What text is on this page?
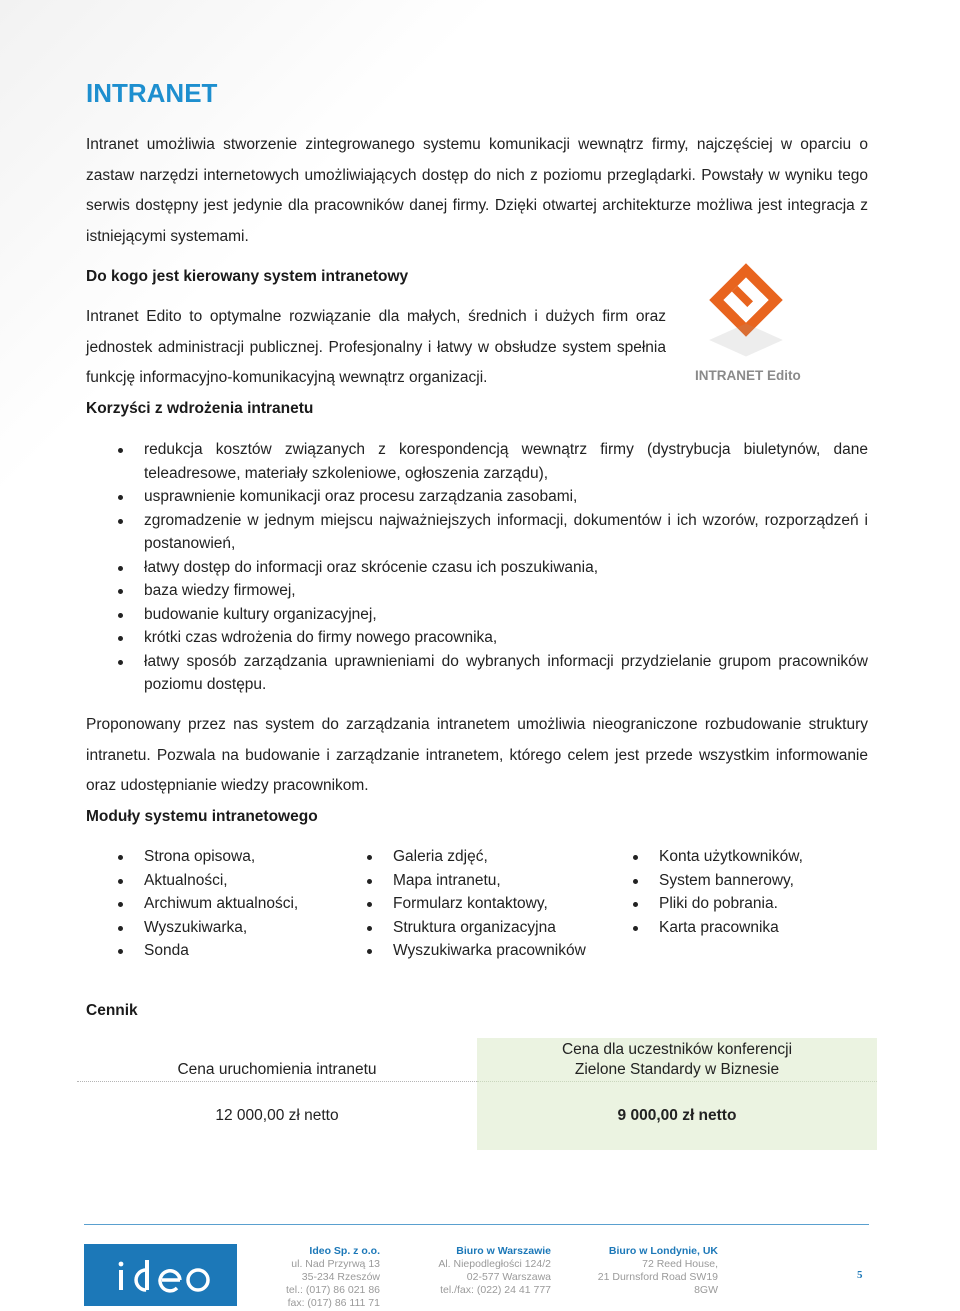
INTRANET
Intranet umożliwia stworzenie zintegrowanego systemu komunikacji wewnątrz firmy, najczęściej w oparciu o zastaw narzędzi internetowych umożliwiających dostęp do nich z poziomu przeglądarki. Powstały w wyniku tego serwis dostępny jest jedynie dla pracowników danej firmy. Dzięki otwartej architekturze możliwa jest integracja z istniejącymi systemami.
Do kogo jest kierowany system intranetowy
Intranet Edito to optymalne rozwiązanie dla małych, średnich i dużych firm oraz jednostek administracji publicznej. Profesjonalny i łatwy w obsłudze system spełnia funkcję informacyjno-komunikacyjną wewnątrz organizacji.	INTRANET Edito
Korzyści z wdrożenia intranetu
redukcja kosztów związanych z korespondencją wewnątrz firmy (dystrybucja biuletynów, dane teleadresowe, materiały szkoleniowe, ogłoszenia zarządu),
usprawnienie komunikacji oraz procesu zarządzania zasobami,
zgromadzenie w jednym miejscu najważniejszych informacji, dokumentów i ich wzorów, rozporządzeń i postanowień,
łatwy dostęp do informacji oraz skrócenie czasu ich poszukiwania,
baza wiedzy firmowej,
budowanie kultury organizacyjnej,
krótki czas wdrożenia do firmy nowego pracownika,
łatwy sposób zarządzania uprawnieniami do wybranych informacji przydzielanie grupom pracowników poziomu dostępu.
Proponowany przez nas system do zarządzania intranetem umożliwia nieograniczone rozbudowanie struktury intranetu. Pozwala na budowanie i zarządzanie intranetem, którego celem jest przede wszystkim informowanie oraz udostępnianie wiedzy pracownikom.
Moduły systemu intranetowego
Strona opisowa,
Aktualności,
Archiwum aktualności,
Wyszukiwarka,
Sonda
Galeria zdjęć,
Mapa intranetu,
Formularz kontaktowy,
Struktura organizacyjna
Wyszukiwarka pracowników
Konta użytkowników,
System bannerowy,
Pliki do pobrania.
Karta pracownika
Cennik
Cena uruchomienia intranetu
Cena dla uczestników konferencji
Zielone Standardy w Biznesie
12 000,00 zł netto	9 000,00 zł netto
Ideo Sp. z o.o.
ul. Nad Przyrwą 13
35-234 Rzeszów
tel.: (017) 86 021 86
fax: (017) 86 111 71
Biuro w Warszawie
Al. Niepodległości 124/2
02-577 Warszawa
tel./fax: (022) 24 41 777
Biuro w Londynie, UK
72 Reed House,
21 Durnsford Road SW19
8GW
5
